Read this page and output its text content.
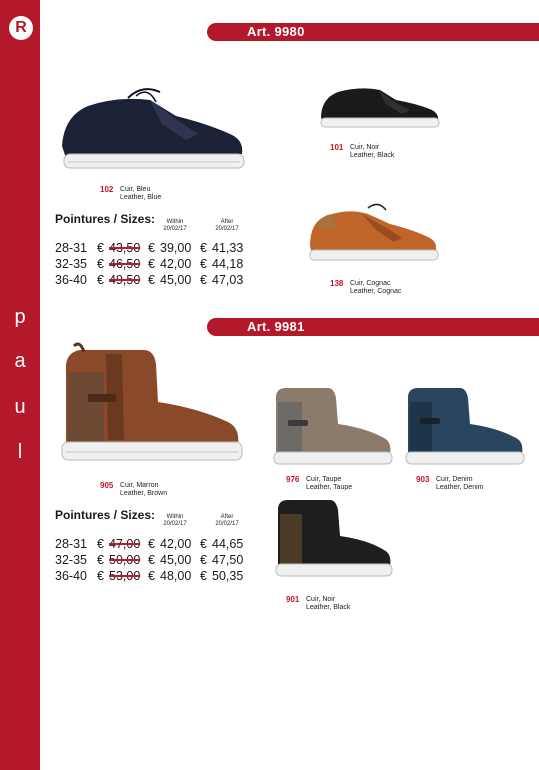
R
p
a
u
l
Art. 9980
102 Cuir, Bleu
Leather, Blue
101 Cuir, Noir
Leather, Black
138 Cuir, Cognac
Leather, Cognac
Pointures / Sizes:	Within
20/02/17
After
20/02/17
28-31 € 43,50 € 39,00 € 41,33
32-35 € 46,50 € 42,00 € 44,18
36-40 € 49,50 € 45,00 € 47,03
Art. 9981
905 Cuir, Marron
Leather, Brown
976 Cuir, Taupe
Leather, Taupe
903 Cuir, Denim
Leather, Denim
901 Cuir, Noir
Leather, Black
Pointures / Sizes:	Within
20/02/17
After
20/02/17
28-31 € 47,00 € 42,00 € 44,65
32-35 € 50,00 € 45,00 € 47,50
36-40 € 53,00 € 48,00 € 50,35
